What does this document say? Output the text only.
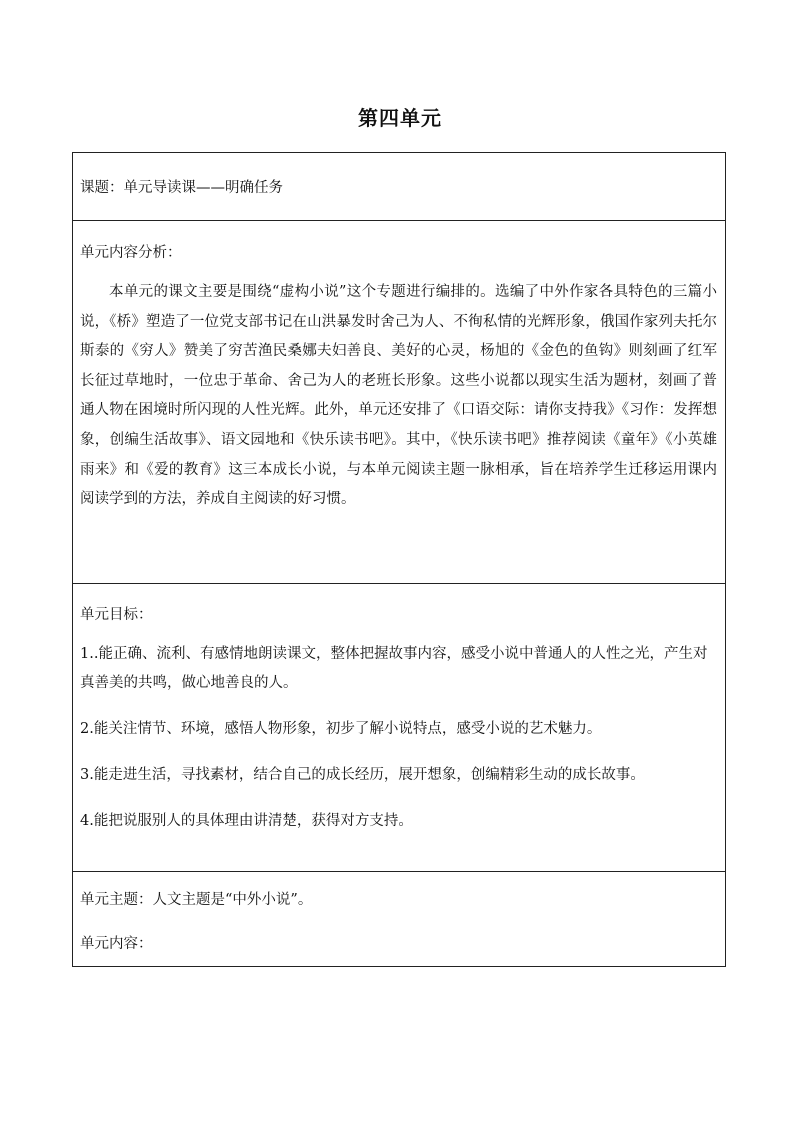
第四单元
课题：单元导读课——明确任务
单元内容分析：
本单元的课文主要是围绕“虚构小说”这个专题进行编排的。选编了中外作家各具特色的三篇小说，《桥》塑造了一位党支部书记在山洪暴发时舍己为人、不徇私情的光辉形象，俄国作家列夫托尔斯泰的《穷人》赞美了穷苦渔民桑娜夫妇善良、美好的心灵，杨旭的《金色的鱼钩》则刻画了红军长征过草地时，一位忠于革命、舍己为人的老班长形象。这些小说都以现实生活为题材，刻画了普通人物在困境时所闪现的人性光辉。此外，单元还安排了《口语交际：请你支持我》《习作：发挥想象，创编生活故事》、语文园地和《快乐读书吧》。其中，《快乐读书吧》推荐阅读《童年》《小英雄雨来》和《爱的教育》这三本成长小说，与本单元阅读主题一脉相承，旨在培养学生迁移运用课内阅读学到的方法，养成自主阅读的好习惯。
单元目标：
1..能正确、流利、有感情地朗读课文，整体把握故事内容，感受小说中普通人的人性之光，产生对真善美的共鸣，做心地善良的人。
2.能关注情节、环境，感悟人物形象，初步了解小说特点，感受小说的艺术魅力。
3.能走进生活，寻找素材，结合自己的成长经历，展开想象，创编精彩生动的成长故事。
4.能把说服别人的具体理由讲清楚，获得对方支持。
单元主题：人文主题是“中外小说”。
单元内容：
